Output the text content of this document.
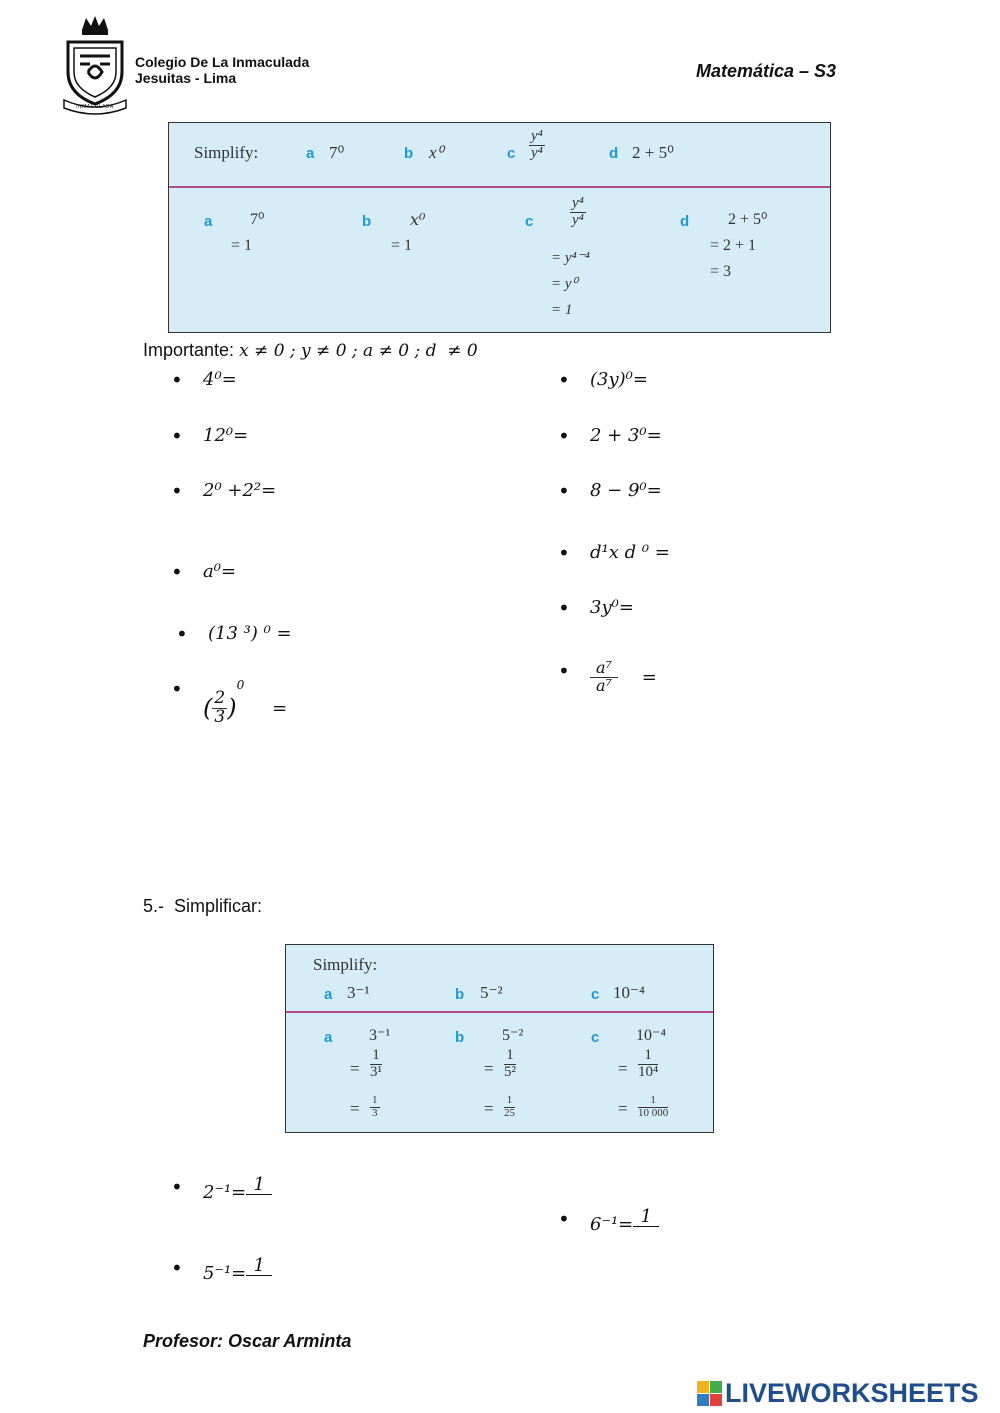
INMACULADA
Colegio De La Inmaculada
Jesuitas - Lima	Matemática – S3
Simplify:	a 7⁰	b x⁰	c $\frac{\text{y⁴}}{\text{y⁴}}$	d 2 + 5⁰
a	7⁰
= 1
b	x⁰
= 1
c $\frac{\text{y⁴}}{\text{y⁴}}$
= y⁴⁻⁴
= y⁰
= 1
d	2 + 5⁰
= 2 + 1
= 3
Importante: x ≠ 0 ; y ≠ 0 ; a ≠ 0 ; d  ≠ 0
• 4⁰=
• 12⁰=
• 2⁰ +2²=
• a⁰=
• (13 ³) ⁰ =
• ( $\frac{2}{3} )^0$ =
• (3y)⁰=
• 2 + 3⁰=
• 8 − 9⁰=
• d¹x d ⁰ =
• 3y⁰=
• $\frac{\text{a⁷}}{\text{a⁷}}$ =
5.-  Simplificar:
Simplify:
a 3⁻¹	b 5⁻²	c 10⁻⁴
a 3⁻¹
= $\frac{1}{\text{3¹}}$
= $\frac{1}{3}$
b 5⁻²
= $\frac{1}{\text{5²}}$
= $\frac{1}{25}$
c 10⁻⁴
= $\frac{1}{\text{10⁴}}$
= $\frac{1}{10 000}$
• 2⁻¹= 1
• 5⁻¹= 1
• 6⁻¹= 1
Profesor: Oscar Arminta
LIVEWORKSHEETS
